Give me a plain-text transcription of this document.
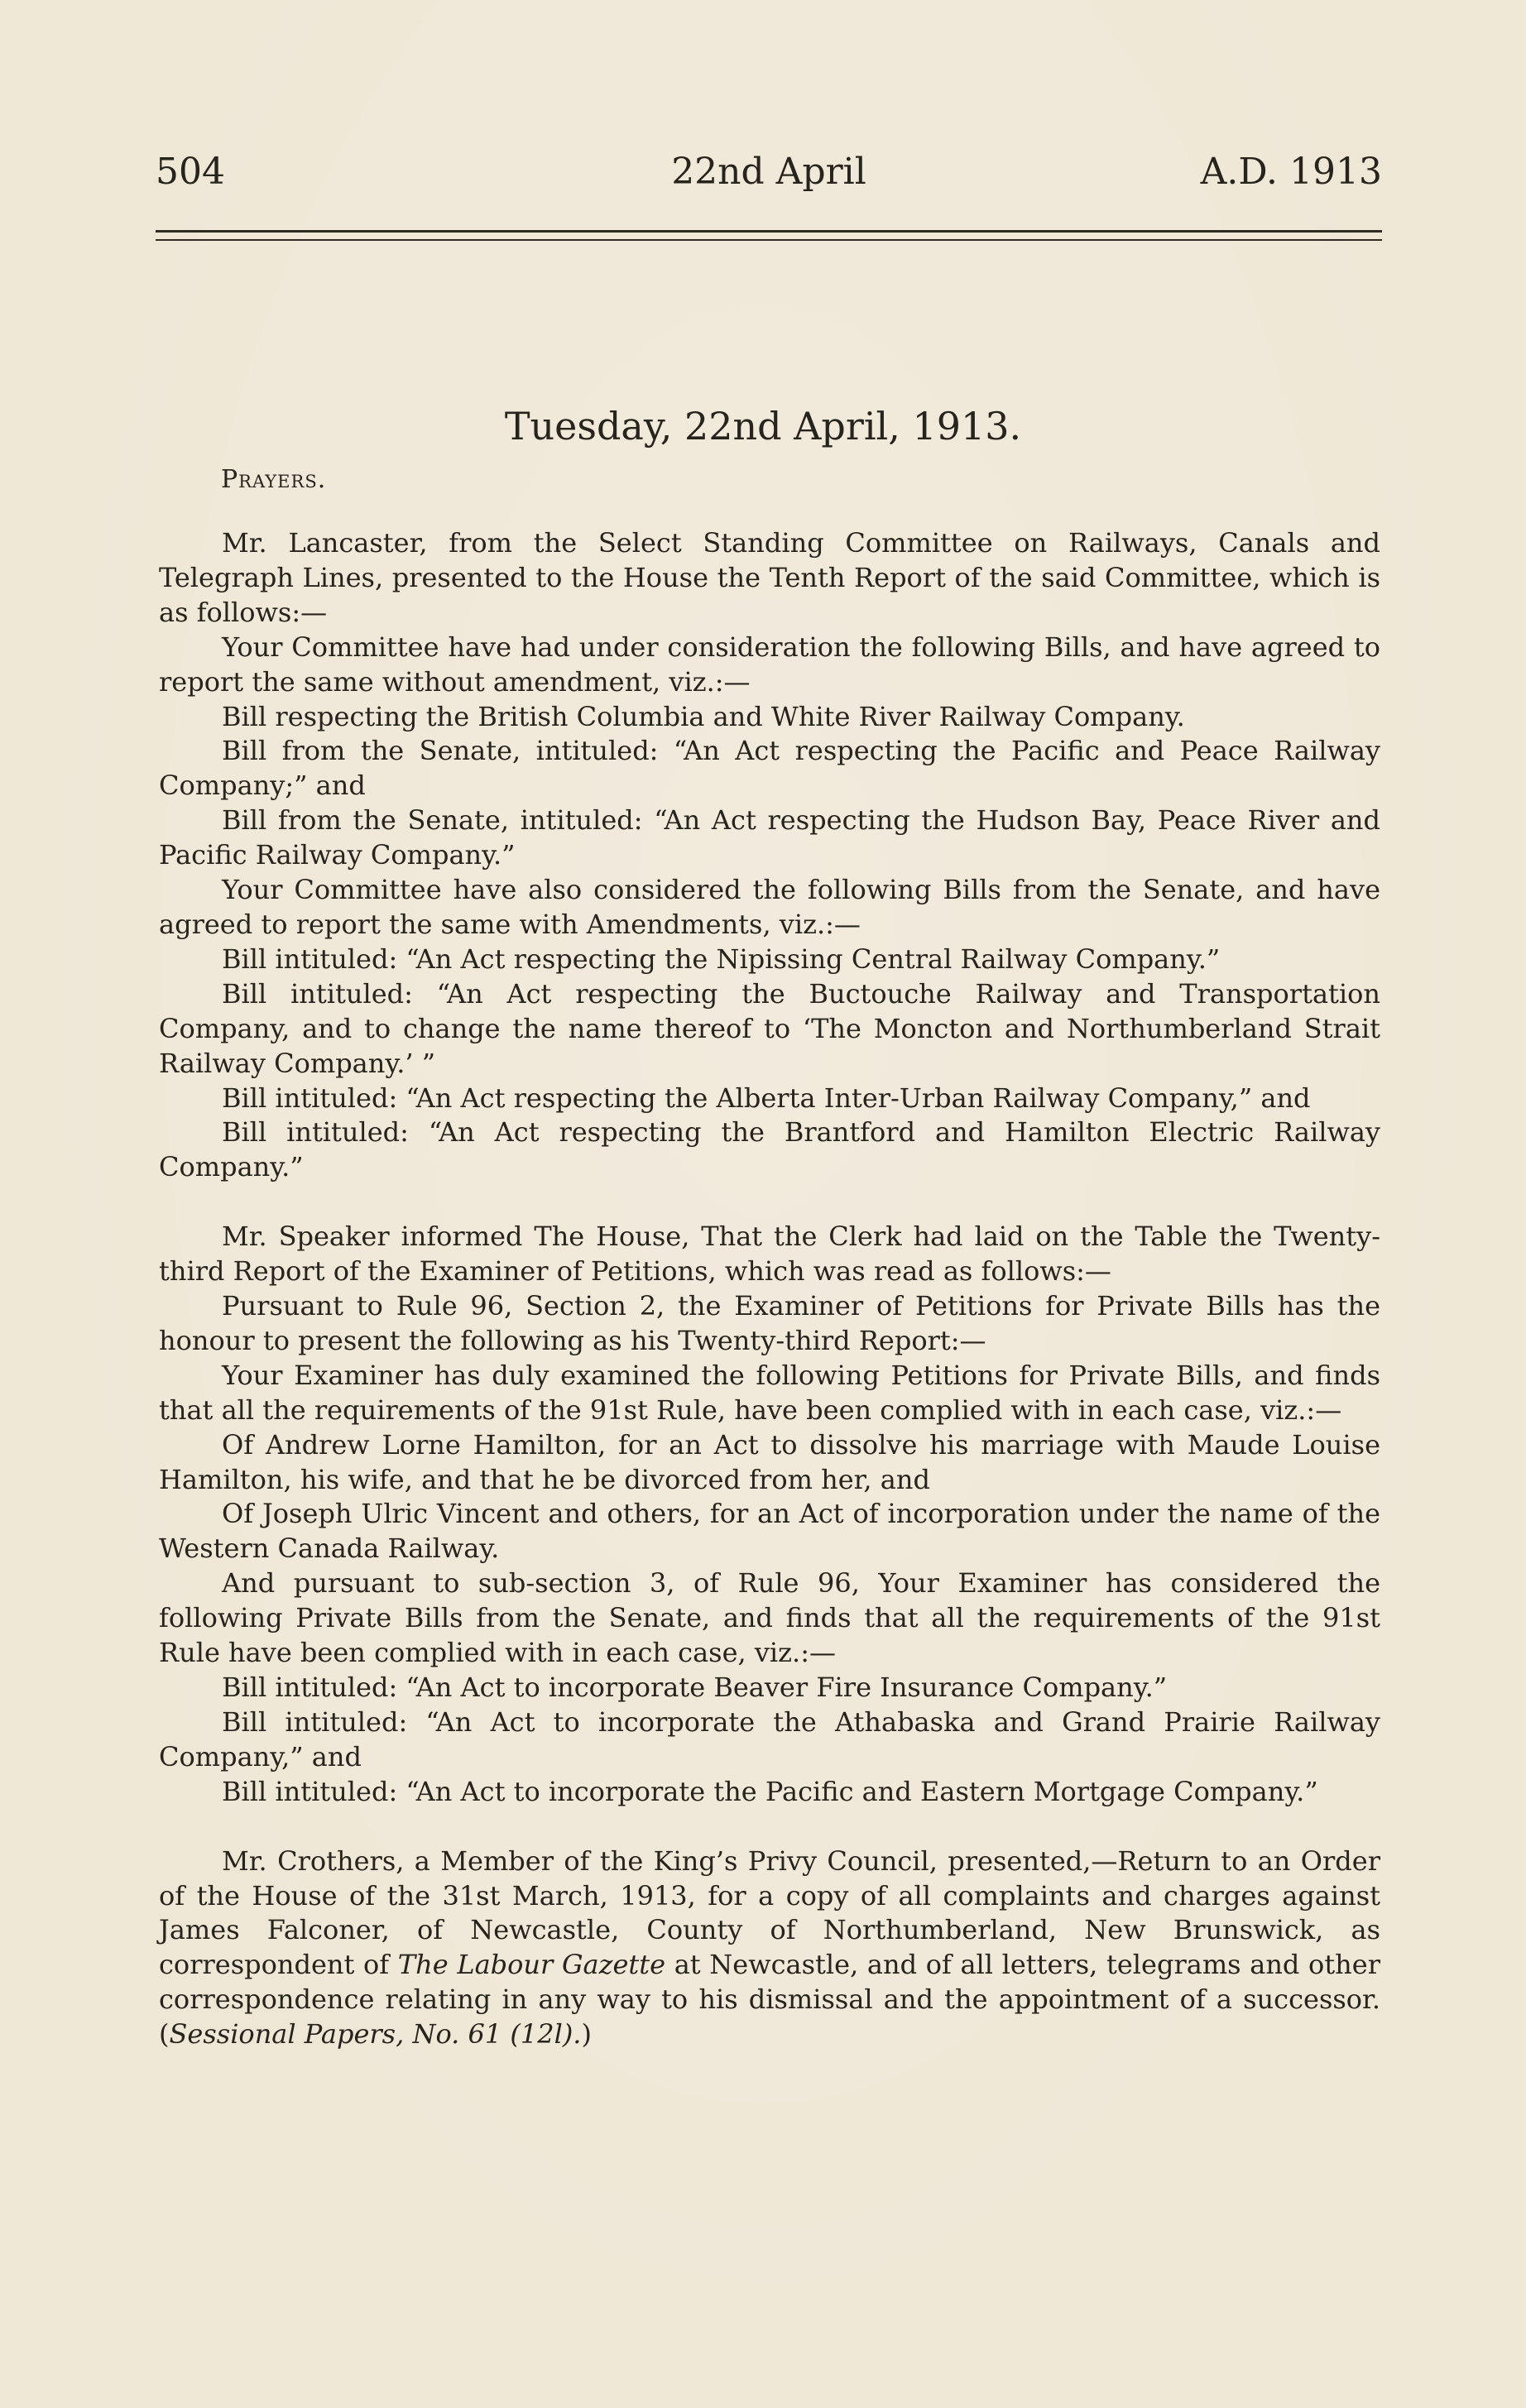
504	22nd April	A.D. 1913
Tuesday, 22nd April, 1913.
Prayers.

Mr. Lancaster, from the Select Standing Committee on Railways, Canals and Telegraph Lines, presented to the House the Tenth Report of the said Committee, which is as follows:—

Your Committee have had under consideration the following Bills, and have agreed to report the same without amendment, viz.:—

Bill respecting the British Columbia and White River Railway Company.

Bill from the Senate, intituled: “An Act respecting the Pacific and Peace Railway Company;” and

Bill from the Senate, intituled: “An Act respecting the Hudson Bay, Peace River and Pacific Railway Company.”

Your Committee have also considered the following Bills from the Senate, and have agreed to report the same with Amendments, viz.:—

Bill intituled: “An Act respecting the Nipissing Central Railway Company.”

Bill intituled: “An Act respecting the Buctouche Railway and Transportation Company, and to change the name thereof to ‘The Moncton and Northumberland Strait Railway Company.’ ”

Bill intituled: “An Act respecting the Alberta Inter-Urban Railway Company,” and

Bill intituled: “An Act respecting the Brantford and Hamilton Electric Railway Company.”

Mr. Speaker informed The House, That the Clerk had laid on the Table the Twenty-third Report of the Examiner of Petitions, which was read as follows:—

Pursuant to Rule 96, Section 2, the Examiner of Petitions for Private Bills has the honour to present the following as his Twenty-third Report:—

Your Examiner has duly examined the following Petitions for Private Bills, and finds that all the requirements of the 91st Rule, have been complied with in each case, viz.:—

Of Andrew Lorne Hamilton, for an Act to dissolve his marriage with Maude Louise Hamilton, his wife, and that he be divorced from her, and

Of Joseph Ulric Vincent and others, for an Act of incorporation under the name of the Western Canada Railway.

And pursuant to sub-section 3, of Rule 96, Your Examiner has considered the following Private Bills from the Senate, and finds that all the requirements of the 91st Rule have been complied with in each case, viz.:—

Bill intituled: “An Act to incorporate Beaver Fire Insurance Company.”

Bill intituled: “An Act to incorporate the Athabaska and Grand Prairie Railway Company,” and

Bill intituled: “An Act to incorporate the Pacific and Eastern Mortgage Company.”

Mr. Crothers, a Member of the King’s Privy Council, presented,—Return to an Order of the House of the 31st March, 1913, for a copy of all complaints and charges against James Falconer, of Newcastle, County of Northumberland, New Brunswick, as correspondent of The Labour Gazette at Newcastle, and of all letters, telegrams and other correspondence relating in any way to his dismissal and the appointment of a successor. (Sessional Papers, No. 61 (12l).)
